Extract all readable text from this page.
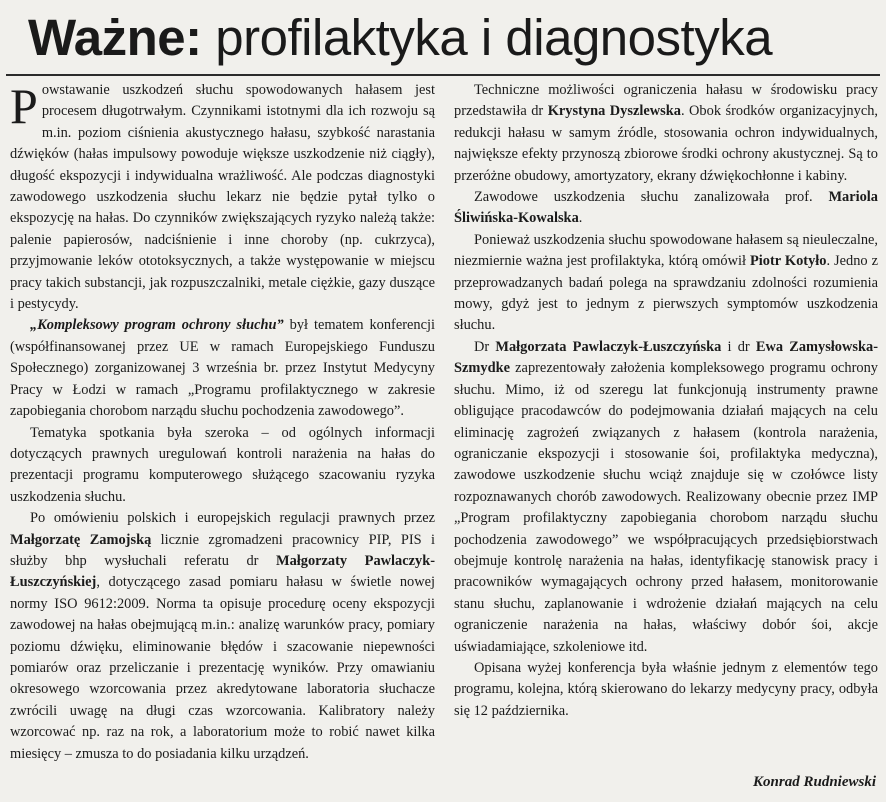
Ważne: profilaktyka i diagnostyka

Powstawanie uszkodzeń słuchu spowodowanych hałasem jest procesem długotrwałym. Czynnikami istotnymi dla ich rozwoju są m.in. poziom ciśnienia akustycznego hałasu, szybkość narastania dźwięków (hałas impulsowy powoduje większe uszkodzenie niż ciągły), długość ekspozycji i indywidualna wrażliwość. Ale podczas diagnostyki zawodowego uszkodzenia słuchu lekarz nie będzie pytał tylko o ekspozycję na hałas. Do czynników zwiększających ryzyko należą także: palenie papierosów, nadciśnienie i inne choroby (np. cukrzyca), przyjmowanie leków ototoksycznych, a także występowanie w miejscu pracy takich substancji, jak rozpuszczalniki, metale ciężkie, gazy duszące i pestycydy.

„Kompleksowy program ochrony słuchu” był tematem konferencji (współfinansowanej przez UE w ramach Europejskiego Funduszu Społecznego) zorganizowanej 3 września br. przez Instytut Medycyny Pracy w Łodzi w ramach „Programu profilaktycznego w zakresie zapobiegania chorobom narządu słuchu pochodzenia zawodowego”.

Tematyka spotkania była szeroka – od ogólnych informacji dotyczących prawnych uregulowań kontroli narażenia na hałas do prezentacji programu komputerowego służącego szacowaniu ryzyka uszkodzenia słuchu.

Po omówieniu polskich i europejskich regulacji prawnych przez Małgorzatę Zamojską licznie zgromadzeni pracownicy PIP, PIS i służby bhp wysłuchali referatu dr Małgorzaty Pawlaczyk-Łuszczyńskiej, dotyczącego zasad pomiaru hałasu w świetle nowej normy ISO 9612:2009. Norma ta opisuje procedurę oceny ekspozycji zawodowej na hałas obejmującą m.in.: analizę warunków pracy, pomiary poziomu dźwięku, eliminowanie błędów i szacowanie niepewności pomiarów oraz przeliczanie i prezentację wyników. Przy omawianiu okresowego wzorcowania przez akredytowane laboratoria słuchacze zwrócili uwagę na długi czas wzorcowania. Kalibratory należy wzorcować np. raz na rok, a laboratorium może to robić nawet kilka miesięcy – zmusza to do posiadania kilku urządzeń.

Techniczne możliwości ograniczenia hałasu w środowisku pracy przedstawiła dr Krystyna Dyszlewska. Obok środków organizacyjnych, redukcji hałasu w samym źródle, stosowania ochron indywidualnych, największe efekty przynoszą zbiorowe środki ochrony akustycznej. Są to przeróżne obudowy, amortyzatory, ekrany dźwiękochłonne i kabiny.

Zawodowe uszkodzenia słuchu zanalizowała prof. Mariola Śliwińska-Kowalska.

Ponieważ uszkodzenia słuchu spowodowane hałasem są nieuleczalne, niezmiernie ważna jest profilaktyka, którą omówił Piotr Kotyło. Jedno z przeprowadzanych badań polega na sprawdzaniu zdolności rozumienia mowy, gdyż jest to jednym z pierwszych symptomów uszkodzenia słuchu.

Dr Małgorzata Pawlaczyk-Łuszczyńska i dr Ewa Zamysłowska-Szmydke zaprezentowały założenia kompleksowego programu ochrony słuchu. Mimo, iż od szeregu lat funkcjonują instrumenty prawne obligujące pracodawców do podejmowania działań mających na celu eliminację zagrożeń związanych z hałasem (kontrola narażenia, ograniczanie ekspozycji i stosowanie śoi, profilaktyka medyczna), zawodowe uszkodzenie słuchu wciąż znajduje się w czołówce listy rozpoznawanych chorób zawodowych. Realizowany obecnie przez IMP „Program profilaktyczny zapobiegania chorobom narządu słuchu pochodzenia zawodowego” we współpracujących przedsiębiorstwach obejmuje kontrolę narażenia na hałas, identyfikację stanowisk pracy i pracowników wymagających ochrony przed hałasem, monitorowanie stanu słuchu, zaplanowanie i wdrożenie działań mających na celu ograniczenie narażenia na hałas, właściwy dobór śoi, akcje uświadamiające, szkoleniowe itd.

Opisana wyżej konferencja była właśnie jednym z elementów tego programu, kolejna, którą skierowano do lekarzy medycyny pracy, odbyła się 12 października.

Konrad Rudniewski
